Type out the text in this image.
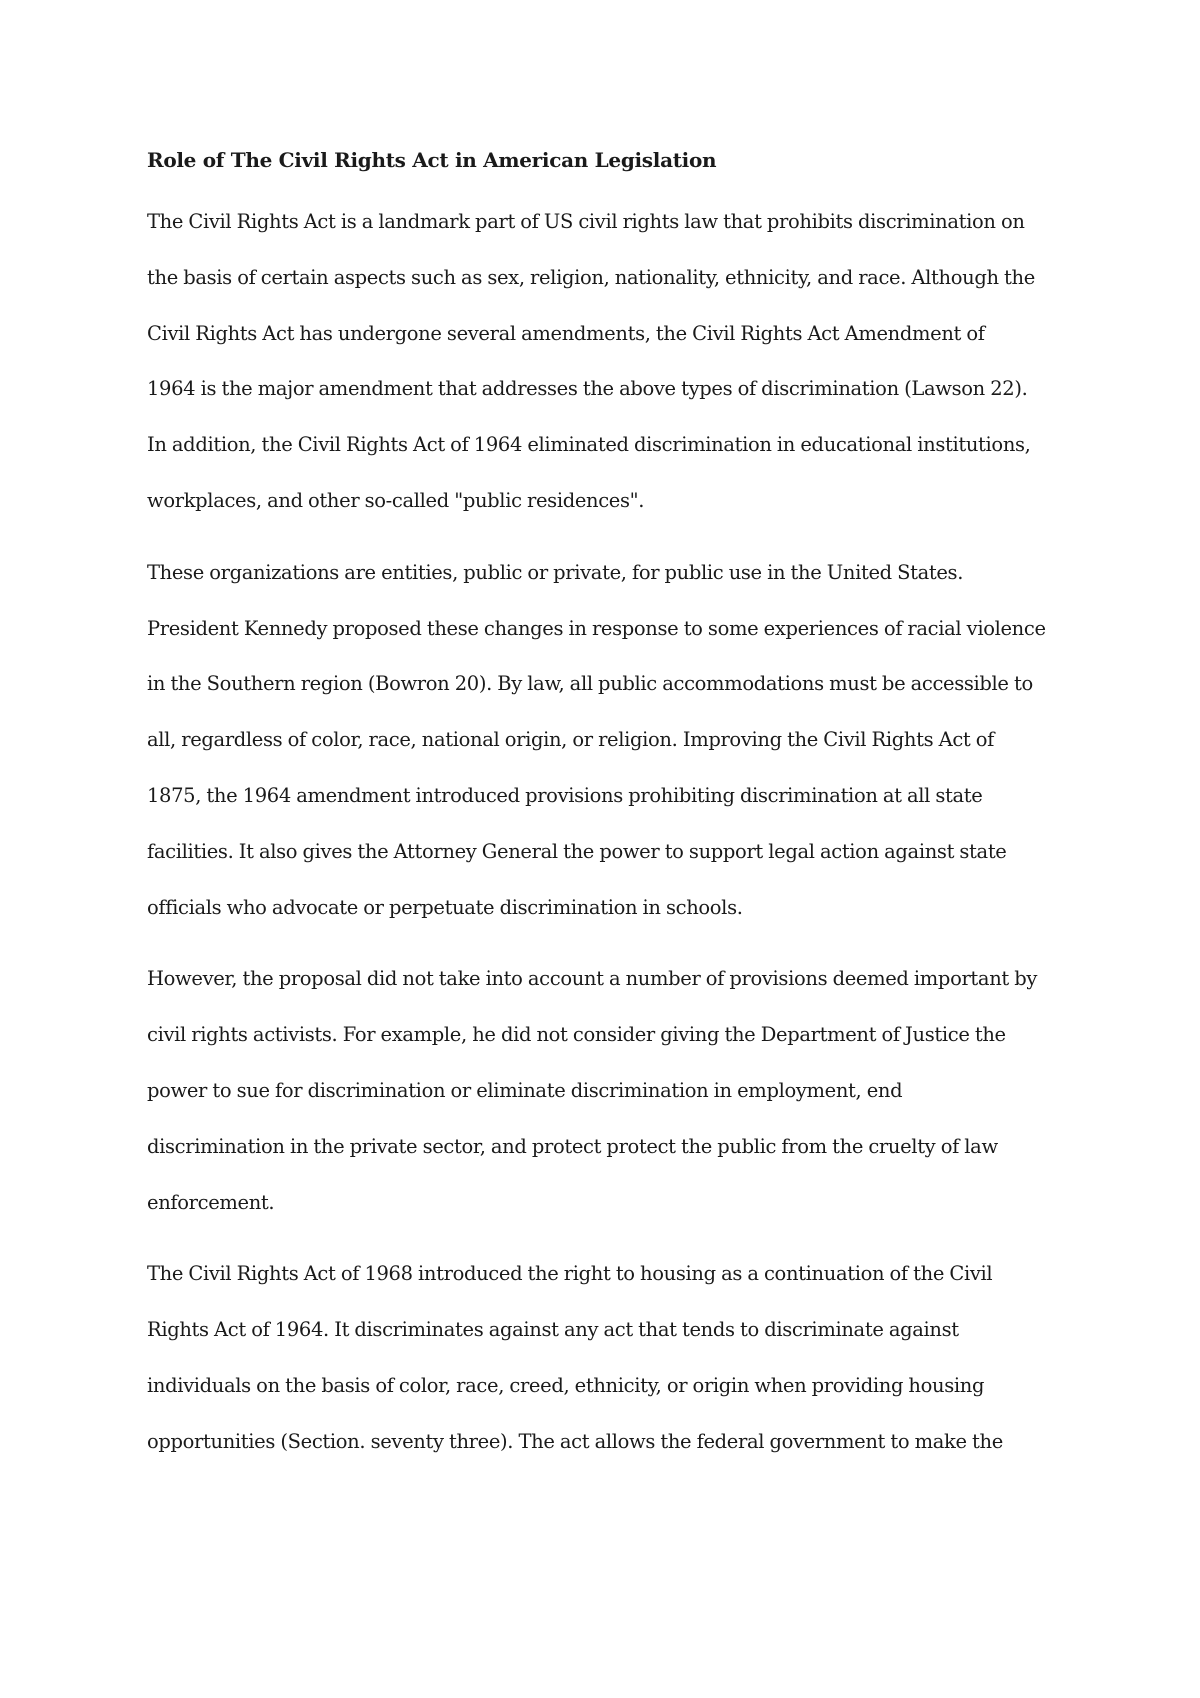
Role of The Civil Rights Act in American Legislation

The Civil Rights Act is a landmark part of US civil rights law that prohibits discrimination on
the basis of certain aspects such as sex, religion, nationality, ethnicity, and race. Although the
Civil Rights Act has undergone several amendments, the Civil Rights Act Amendment of
1964 is the major amendment that addresses the above types of discrimination (Lawson 22).
In addition, the Civil Rights Act of 1964 eliminated discrimination in educational institutions,
workplaces, and other so-called "public residences".

These organizations are entities, public or private, for public use in the United States.
President Kennedy proposed these changes in response to some experiences of racial violence
in the Southern region (Bowron 20). By law, all public accommodations must be accessible to
all, regardless of color, race, national origin, or religion. Improving the Civil Rights Act of
1875, the 1964 amendment introduced provisions prohibiting discrimination at all state
facilities. It also gives the Attorney General the power to support legal action against state
officials who advocate or perpetuate discrimination in schools.

However, the proposal did not take into account a number of provisions deemed important by
civil rights activists. For example, he did not consider giving the Department of Justice the
power to sue for discrimination or eliminate discrimination in employment, end
discrimination in the private sector, and protect protect the public from the cruelty of law
enforcement.

The Civil Rights Act of 1968 introduced the right to housing as a continuation of the Civil
Rights Act of 1964. It discriminates against any act that tends to discriminate against
individuals on the basis of color, race, creed, ethnicity, or origin when providing housing
opportunities (Section. seventy three). The act allows the federal government to make the
